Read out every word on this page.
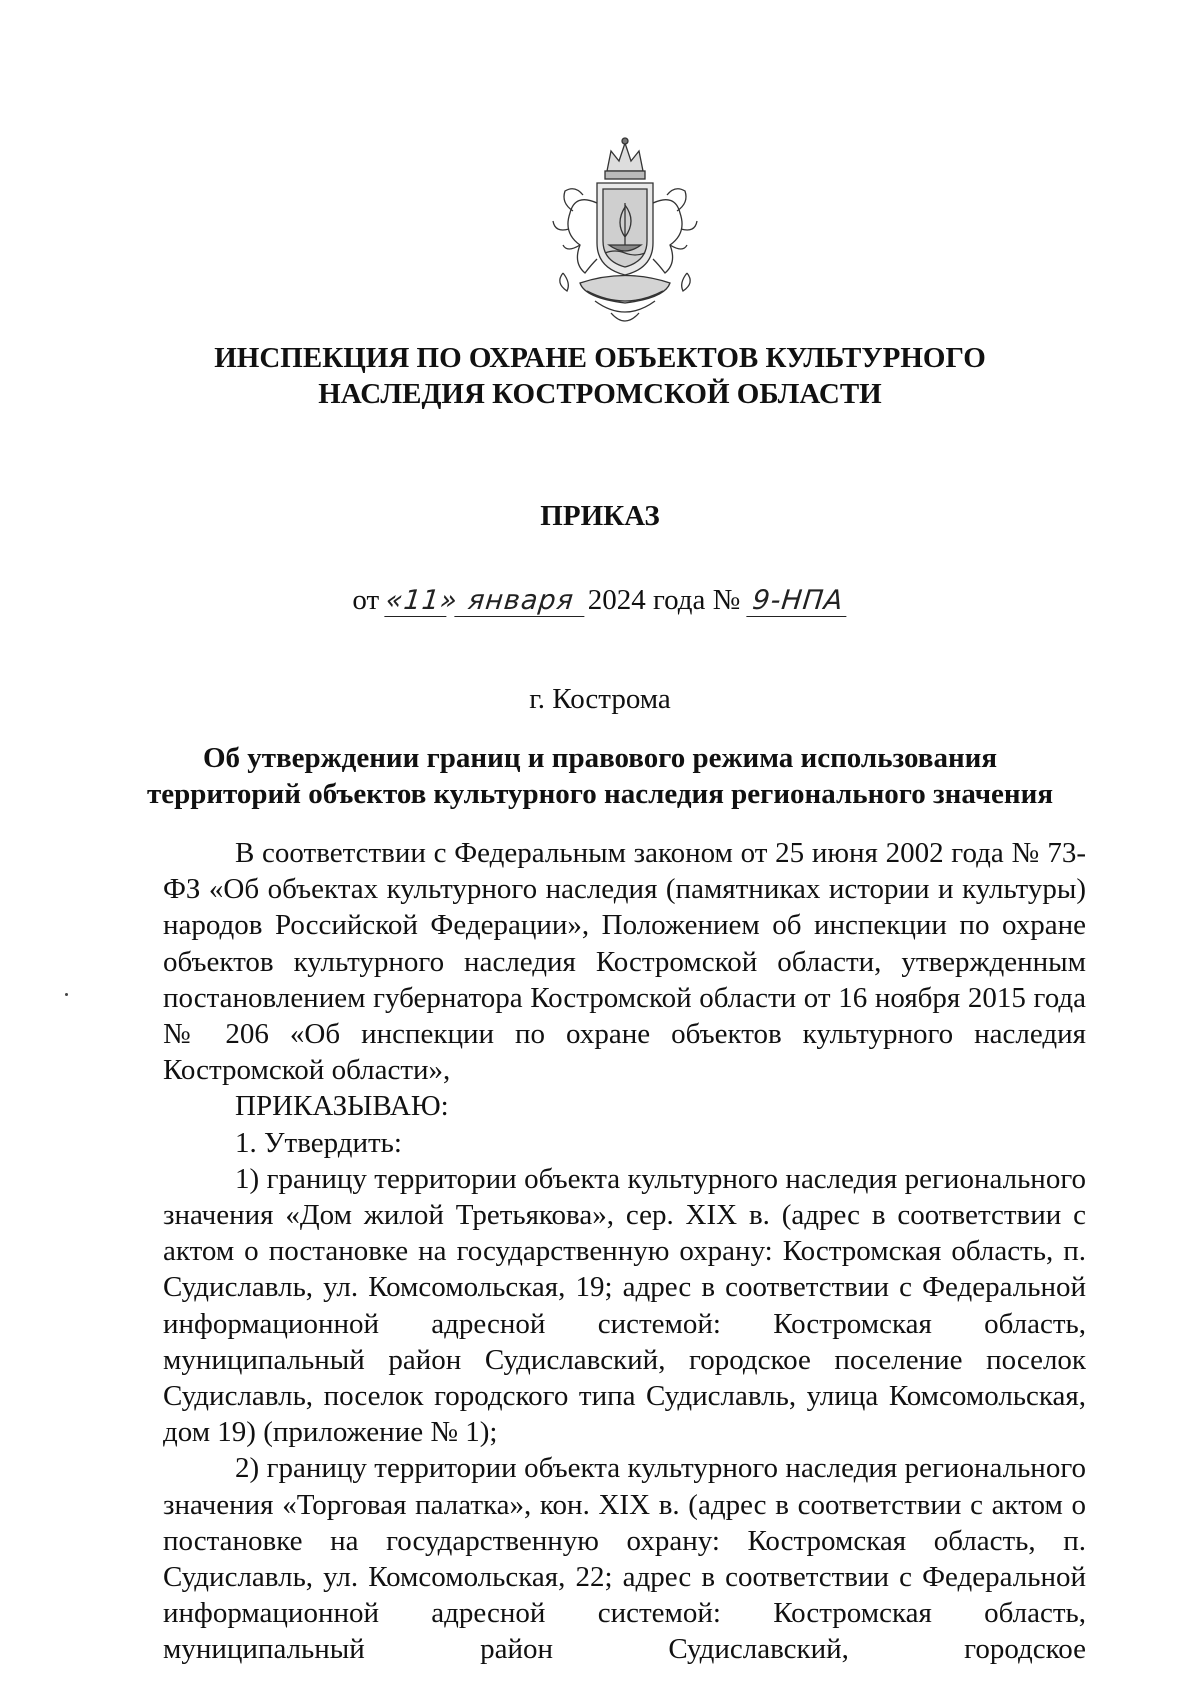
ИНСПЕКЦИЯ ПО ОХРАНЕ ОБЪЕКТОВ КУЛЬТУРНОГО
НАСЛЕДИЯ КОСТРОМСКОЙ ОБЛАСТИ
ПРИКАЗ
от «11» января 2024 года № 9-НПА
г. Кострома
Об утверждении границ и правового режима использования
территорий объектов культурного наследия регионального значения

В соответствии с Федеральным законом от 25 июня 2002 года № 73-ФЗ «Об объектах культурного наследия (памятниках истории и культуры) народов Российской Федерации», Положением об инспекции по охране объектов культурного наследия Костромской области, утвержденным постановлением губернатора Костромской области от 16 ноября 2015 года № 206 «Об инспекции по охране объектов культурного наследия Костромской области»,

ПРИКАЗЫВАЮ:

1. Утвердить:

1) границу территории объекта культурного наследия регионального значения «Дом жилой Третьякова», сер. XIX в. (адрес в соответствии с актом о постановке на государственную охрану: Костромская область, п. Судиславль, ул. Комсомольская, 19; адрес в соответствии с Федеральной информационной адресной системой: Костромская область, муниципальный район Судиславский, городское поселение поселок Судиславль, поселок городского типа Судиславль, улица Комсомольская, дом 19) (приложение № 1);

2) границу территории объекта культурного наследия регионального значения «Торговая палатка», кон. XIX в. (адрес в соответствии с актом о постановке на государственную охрану: Костромская область, п. Судиславль, ул. Комсомольская, 22; адрес в соответствии с Федеральной информационной адресной системой: Костромская область, муниципальный район Судиславский, городское
